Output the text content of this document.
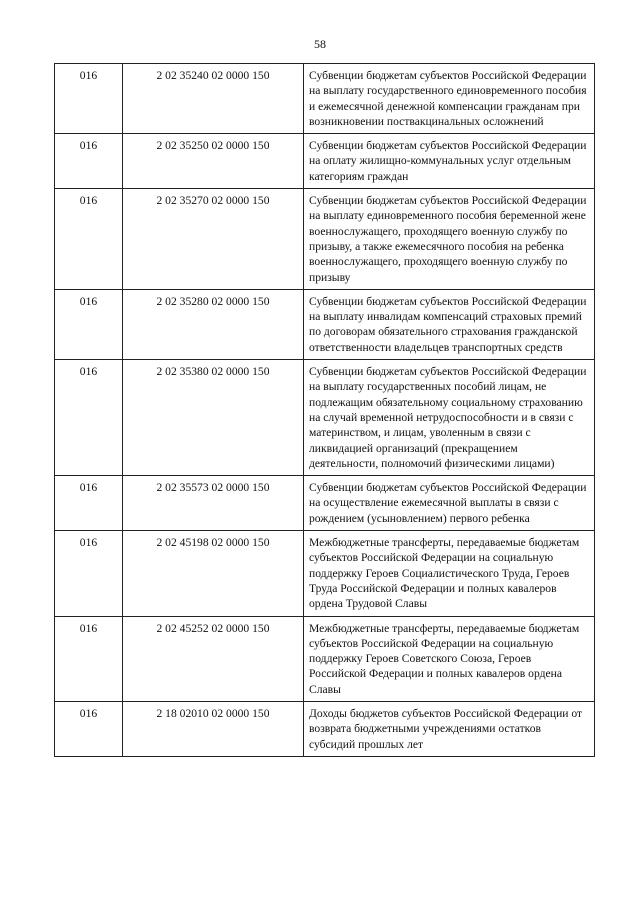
58
016	2 02 35240 02 0000 150	Субвенции бюджетам субъектов Российской Федерации на выплату государственного единовременного пособия и ежемесячной денежной компенсации гражданам при возникновении поствакцинальных осложнений
016	2 02 35250 02 0000 150	Субвенции бюджетам субъектов Российской Федерации на оплату жилищно-коммунальных услуг отдельным категориям граждан
016	2 02 35270 02 0000 150	Субвенции бюджетам субъектов Российской Федерации на выплату единовременного пособия беременной жене военнослужащего, проходящего военную службу по призыву, а также ежемесячного пособия на ребенка военнослужащего, проходящего военную службу по призыву
016	2 02 35280 02 0000 150	Субвенции бюджетам субъектов Российской Федерации на выплату инвалидам компенсаций страховых премий по договорам обязательного страхования гражданской ответственности владельцев транспортных средств
016	2 02 35380 02 0000 150	Субвенции бюджетам субъектов Российской Федерации на выплату государственных пособий лицам, не подлежащим обязательному социальному страхованию на случай временной нетрудоспособности и в связи с материнством, и лицам, уволенным в связи с ликвидацией организаций (прекращением деятельности, полномочий физическими лицами)
016	2 02 35573 02 0000 150	Субвенции бюджетам субъектов Российской Федерации на осуществление ежемесячной выплаты в связи с рождением (усыновлением) первого ребенка
016	2 02 45198 02 0000 150	Межбюджетные трансферты, передаваемые бюджетам субъектов Российской Федерации на социальную поддержку Героев Социалистического Труда, Героев Труда Российской Федерации и полных кавалеров ордена Трудовой Славы
016	2 02 45252 02 0000 150	Межбюджетные трансферты, передаваемые бюджетам субъектов Российской Федерации на социальную поддержку Героев Советского Союза, Героев Российской Федерации и полных кавалеров ордена Славы
016	2 18 02010 02 0000 150	Доходы бюджетов субъектов Российской Федерации от возврата бюджетными учреждениями остатков субсидий прошлых лет
